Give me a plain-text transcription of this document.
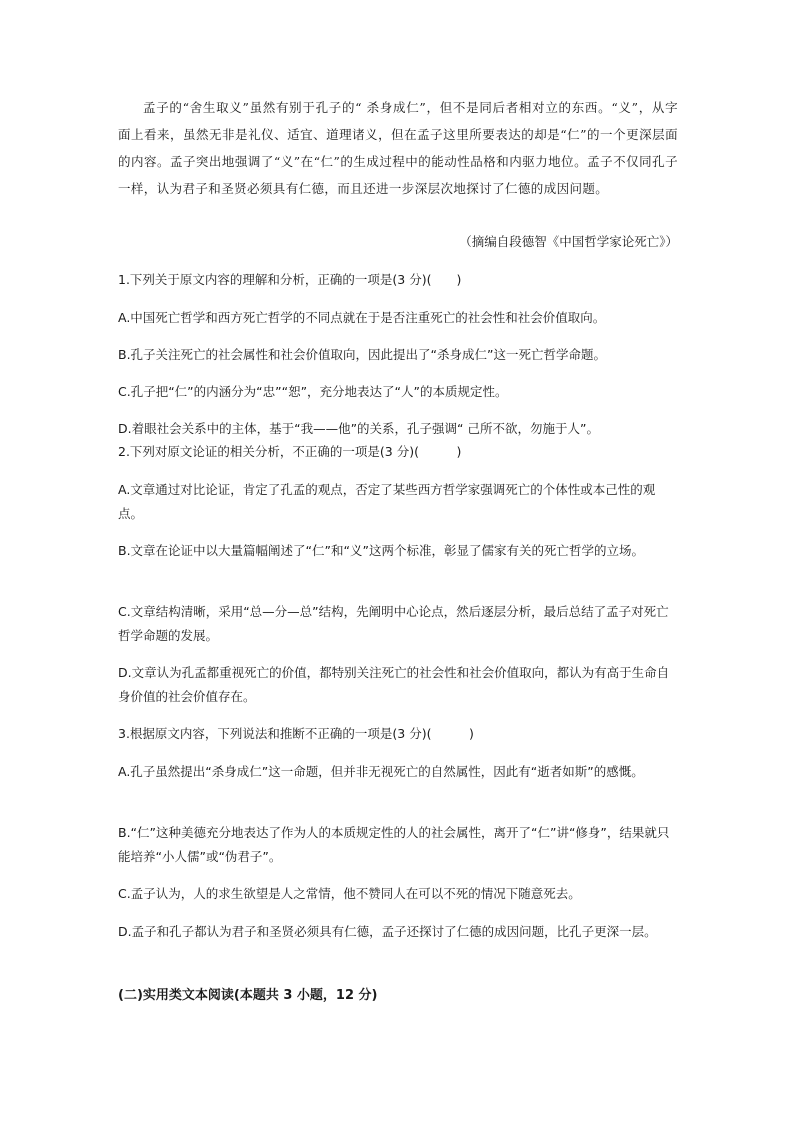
孟子的“舍生取义”虽然有别于孔子的“ 杀身成仁”，但不是同后者相对立的东西。“义”，从字面上看来，虽然无非是礼仪、适宜、道理诸义，但在孟子这里所要表达的却是“仁”的一个更深层面的内容。孟子突出地强调了“义”在“仁”的生成过程中的能动性品格和内驱力地位。孟子不仅同孔子一样，认为君子和圣贤必须具有仁德，而且还进一步深层次地探讨了仁德的成因问题。

（摘编自段德智《中国哲学家论死亡》）
1.下列关于原文内容的理解和分析，正确的一项是(3 分)(　　)
A.中国死亡哲学和西方死亡哲学的不同点就在于是否注重死亡的社会性和社会价值取向。
B.孔子关注死亡的社会属性和社会价值取向，因此提出了“杀身成仁”这一死亡哲学命题。
C.孔子把“仁”的内涵分为“忠”“恕”，充分地表达了“人”的本质规定性。
D.着眼社会关系中的主体，基于“我——他”的关系，孔子强调“ 己所不欲，勿施于人”。
2.下列对原文论证的相关分析，不正确的一项是(3 分)(　　　)
A.文章通过对比论证，肯定了孔孟的观点，否定了某些西方哲学家强调死亡的个体性或本己性的观点。
B.文章在论证中以大量篇幅阐述了“仁”和“义”这两个标准，彰显了儒家有关的死亡哲学的立场。
C.文章结构清晰，采用“总—分—总”结构，先阐明中心论点，然后逐层分析，最后总结了孟子对死亡哲学命题的发展。
D.文章认为孔孟都重视死亡的价值，都特别关注死亡的社会性和社会价值取向，都认为有高于生命自身价值的社会价值存在。
3.根据原文内容，下列说法和推断不正确的一项是(3 分)(　　　)
A.孔子虽然提出“杀身成仁”这一命题，但并非无视死亡的自然属性，因此有“逝者如斯”的感慨。
B.“仁”这种美德充分地表达了作为人的本质规定性的人的社会属性，离开了“仁”讲“修身”，结果就只能培养“小人儒”或“伪君子”。
C.孟子认为，人的求生欲望是人之常情，他不赞同人在可以不死的情况下随意死去。
D.孟子和孔子都认为君子和圣贤必须具有仁德，孟子还探讨了仁德的成因问题，比孔子更深一层。
(二)实用类文本阅读(本题共 3 小题，12 分)
